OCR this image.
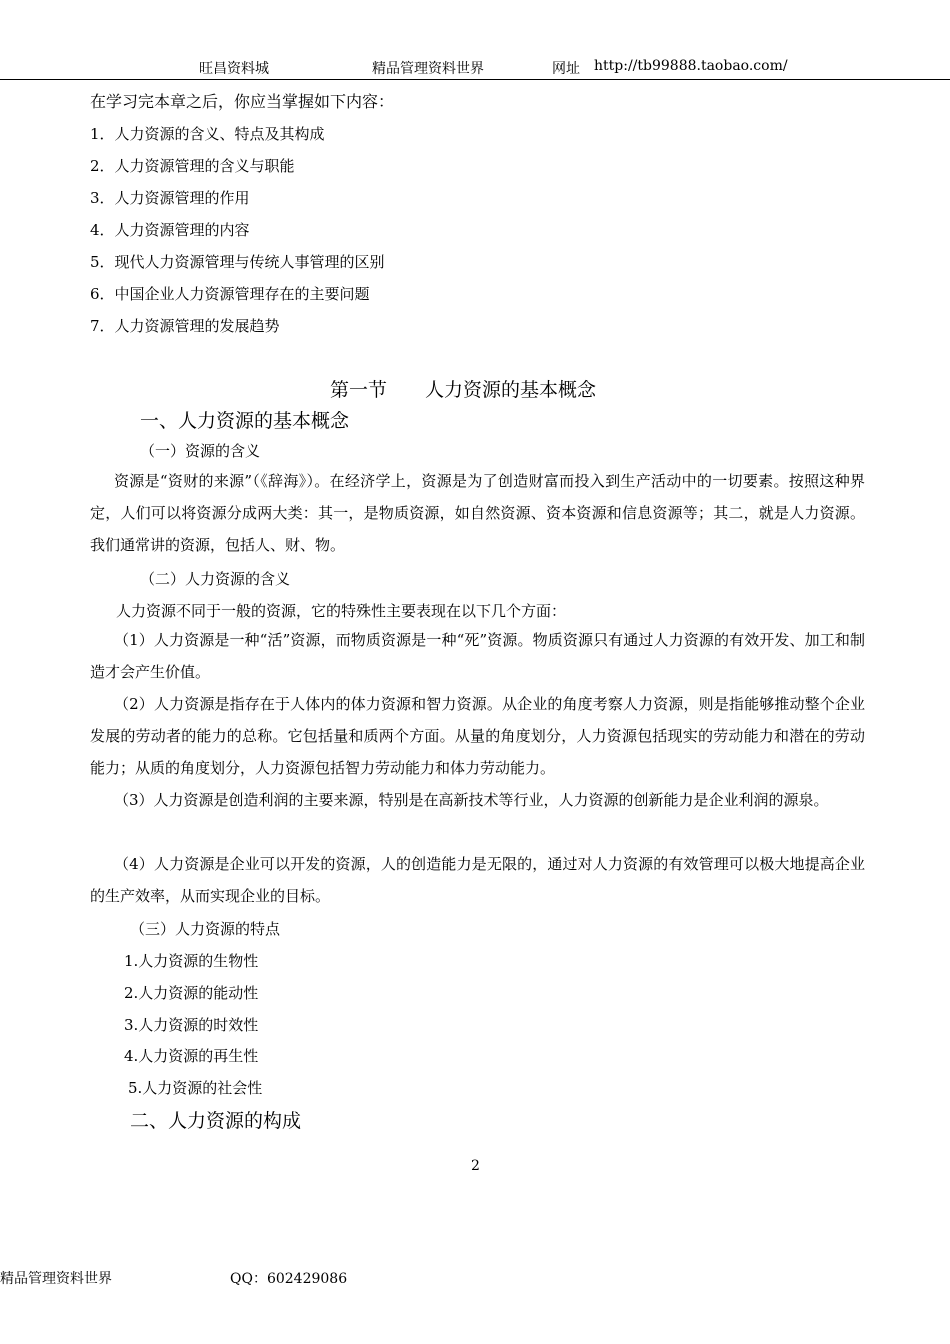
旺昌资料城	精品管理资料世界	网址 http://tb99888.taobao.com/
在学习完本章之后，你应当掌握如下内容：
1．人力资源的含义、特点及其构成
2．人力资源管理的含义与职能
3．人力资源管理的作用
4．人力资源管理的内容
5．现代人力资源管理与传统人事管理的区别
6．中国企业人力资源管理存在的主要问题
7．人力资源管理的发展趋势
第一节　　人力资源的基本概念
一、人力资源的基本概念
（一）资源的含义
资源是“资财的来源”（《辞海》）。在经济学上，资源是为了创造财富而投入到生产活动中的一切要素。按照这种界定，人们可以将资源分成两大类：其一，是物质资源，如自然资源、资本资源和信息资源等；其二，就是人力资源。我们通常讲的资源，包括人、财、物。
（二）人力资源的含义
人力资源不同于一般的资源，它的特殊性主要表现在以下几个方面：
（1）人力资源是一种“活”资源，而物质资源是一种“死”资源。物质资源只有通过人力资源的有效开发、加工和制造才会产生价值。
（2）人力资源是指存在于人体内的体力资源和智力资源。从企业的角度考察人力资源，则是指能够推动整个企业发展的劳动者的能力的总称。它包括量和质两个方面。从量的角度划分，人力资源包括现实的劳动能力和潜在的劳动能力；从质的角度划分，人力资源包括智力劳动能力和体力劳动能力。
（3）人力资源是创造利润的主要来源，特别是在高新技术等行业，人力资源的创新能力是企业利润的源泉。
（4）人力资源是企业可以开发的资源，人的创造能力是无限的，通过对人力资源的有效管理可以极大地提高企业的生产效率，从而实现企业的目标。
（三）人力资源的特点
1.人力资源的生物性
2.人力资源的能动性
3.人力资源的时效性
4.人力资源的再生性
5.人力资源的社会性
二、人力资源的构成
2
精品管理资料世界	QQ：602429086
